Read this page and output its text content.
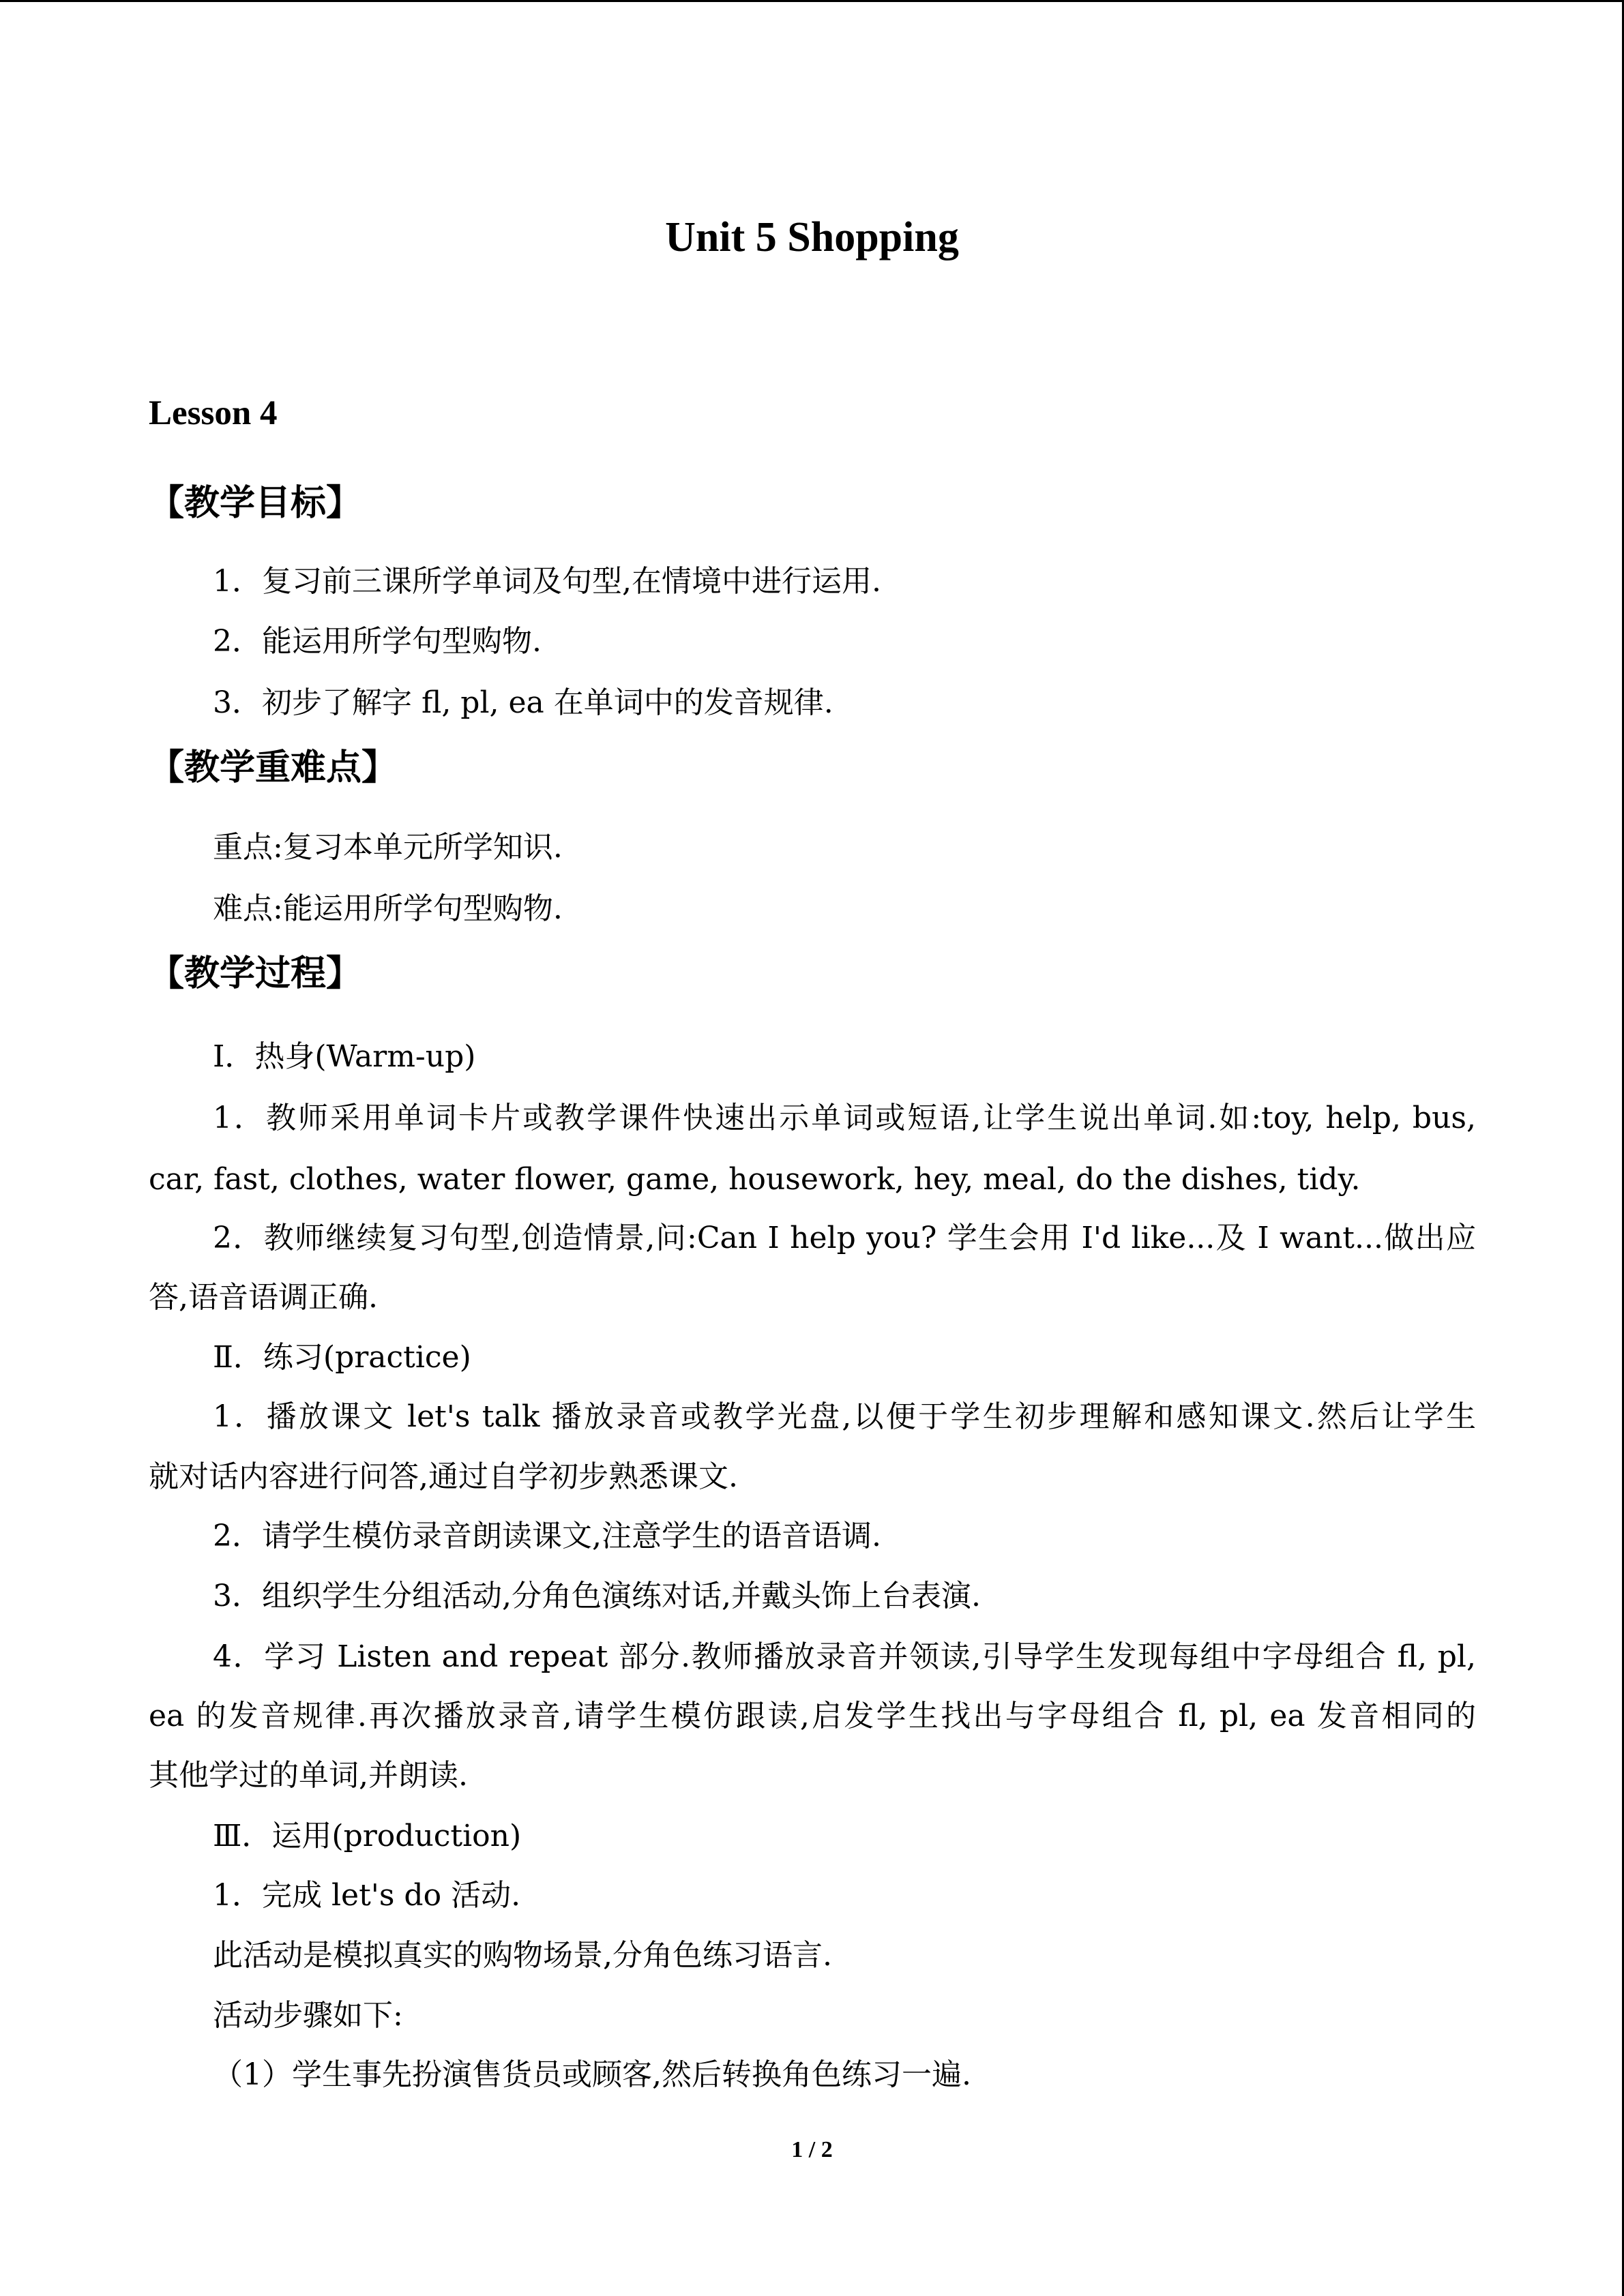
Unit 5 Shopping
Lesson 4
【教学目标】
1．复习前三课所学单词及句型,在情境中进行运用.
2．能运用所学句型购物.
3．初步了解字 fl, pl, ea 在单词中的发音规律.
【教学重难点】
重点:复习本单元所学知识.
难点:能运用所学句型购物.
【教学过程】
Ⅰ．热身(Warm-up)
1．教师采用单词卡片或教学课件快速出示单词或短语,让学生说出单词.如:toy, help, bus,
car, fast, clothes, water flower, game, housework, hey, meal, do the dishes, tidy.
2．教师继续复习句型,创造情景,问:Can I help you? 学生会用 I'd like...及 I want...做出应
答,语音语调正确.
Ⅱ．练习(practice)
1．播放课文 let's talk 播放录音或教学光盘,以便于学生初步理解和感知课文.然后让学生
就对话内容进行问答,通过自学初步熟悉课文.
2．请学生模仿录音朗读课文,注意学生的语音语调.
3．组织学生分组活动,分角色演练对话,并戴头饰上台表演.
4．学习 Listen and repeat 部分.教师播放录音并领读,引导学生发现每组中字母组合 fl, pl,
ea 的发音规律.再次播放录音,请学生模仿跟读,启发学生找出与字母组合 fl, pl, ea 发音相同的
其他学过的单词,并朗读.
Ⅲ．运用(production)
1．完成 let's do 活动.
此活动是模拟真实的购物场景,分角色练习语言.
活动步骤如下:
（1）学生事先扮演售货员或顾客,然后转换角色练习一遍.
1 / 2
